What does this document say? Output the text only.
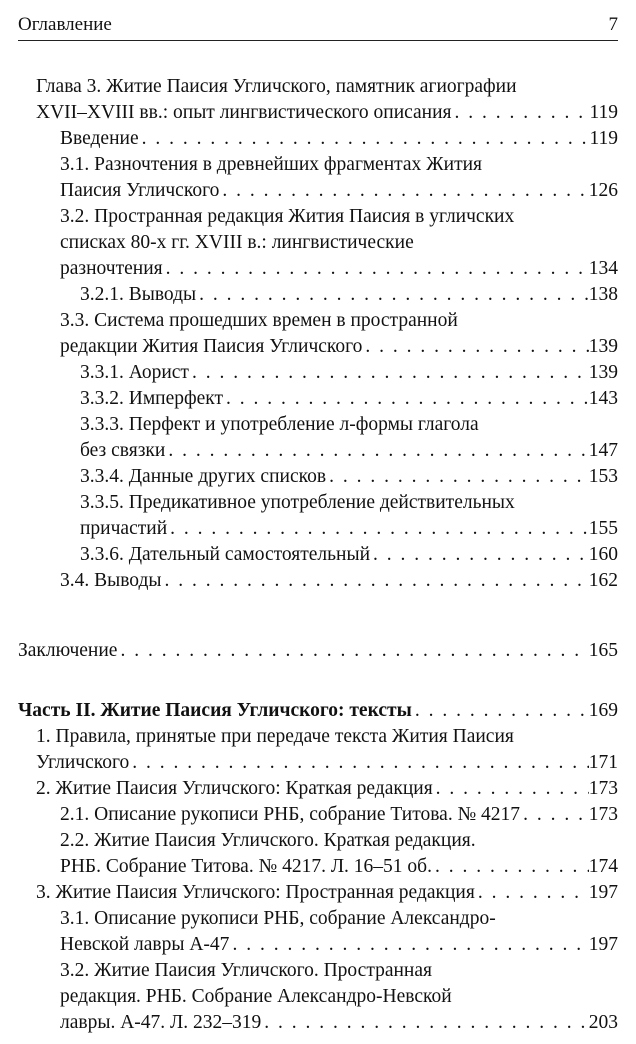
Оглавление	7
Глава 3. Житие Паисия Угличского, памятник агиографии
XVII–XVIII вв.: опыт лингвистического описания . . .	119
Введение . . .	119
3.1. Разночтения в древнейших фрагментах Жития
Паисия Угличского . . .	126
3.2. Пространная редакция Жития Паисия в угличских
списках 80-х гг. XVIII в.: лингвистические
разночтения . . .	134
3.2.1. Выводы . . .	138
3.3. Система прошедших времен в пространной
редакции Жития Паисия Угличского . . .	139
3.3.1. Аорист . . .	139
3.3.2. Имперфект . . .	143
3.3.3. Перфект и употребление л-формы глагола
без связки . . .	147
3.3.4. Данные других списков . . .	153
3.3.5. Предикативное употребление действительных
причастий . . .	155
3.3.6. Дательный самостоятельный . . .	160
3.4. Выводы . . .	162
Заключение . . .	165
Часть II. Житие Паисия Угличского: тексты . . .	169
1. Правила, принятые при передаче текста Жития Паисия
Угличского . . .	171
2. Житие Паисия Угличского: Краткая редакция . . .	173
2.1. Описание рукописи РНБ, собрание Титова. № 4217 . . .	173
2.2. Житие Паисия Угличского. Краткая редакция.
РНБ. Собрание Титова. № 4217. Л. 16–51 об. . . .	174
3. Житие Паисия Угличского: Пространная редакция . . .	197
3.1. Описание рукописи РНБ, собрание Александро-
Невской лавры А-47 . . .	197
3.2. Житие Паисия Угличского. Пространная
редакция. РНБ. Собрание Александро-Невской
лавры. А-47. Л. 232–319 . . .	203
